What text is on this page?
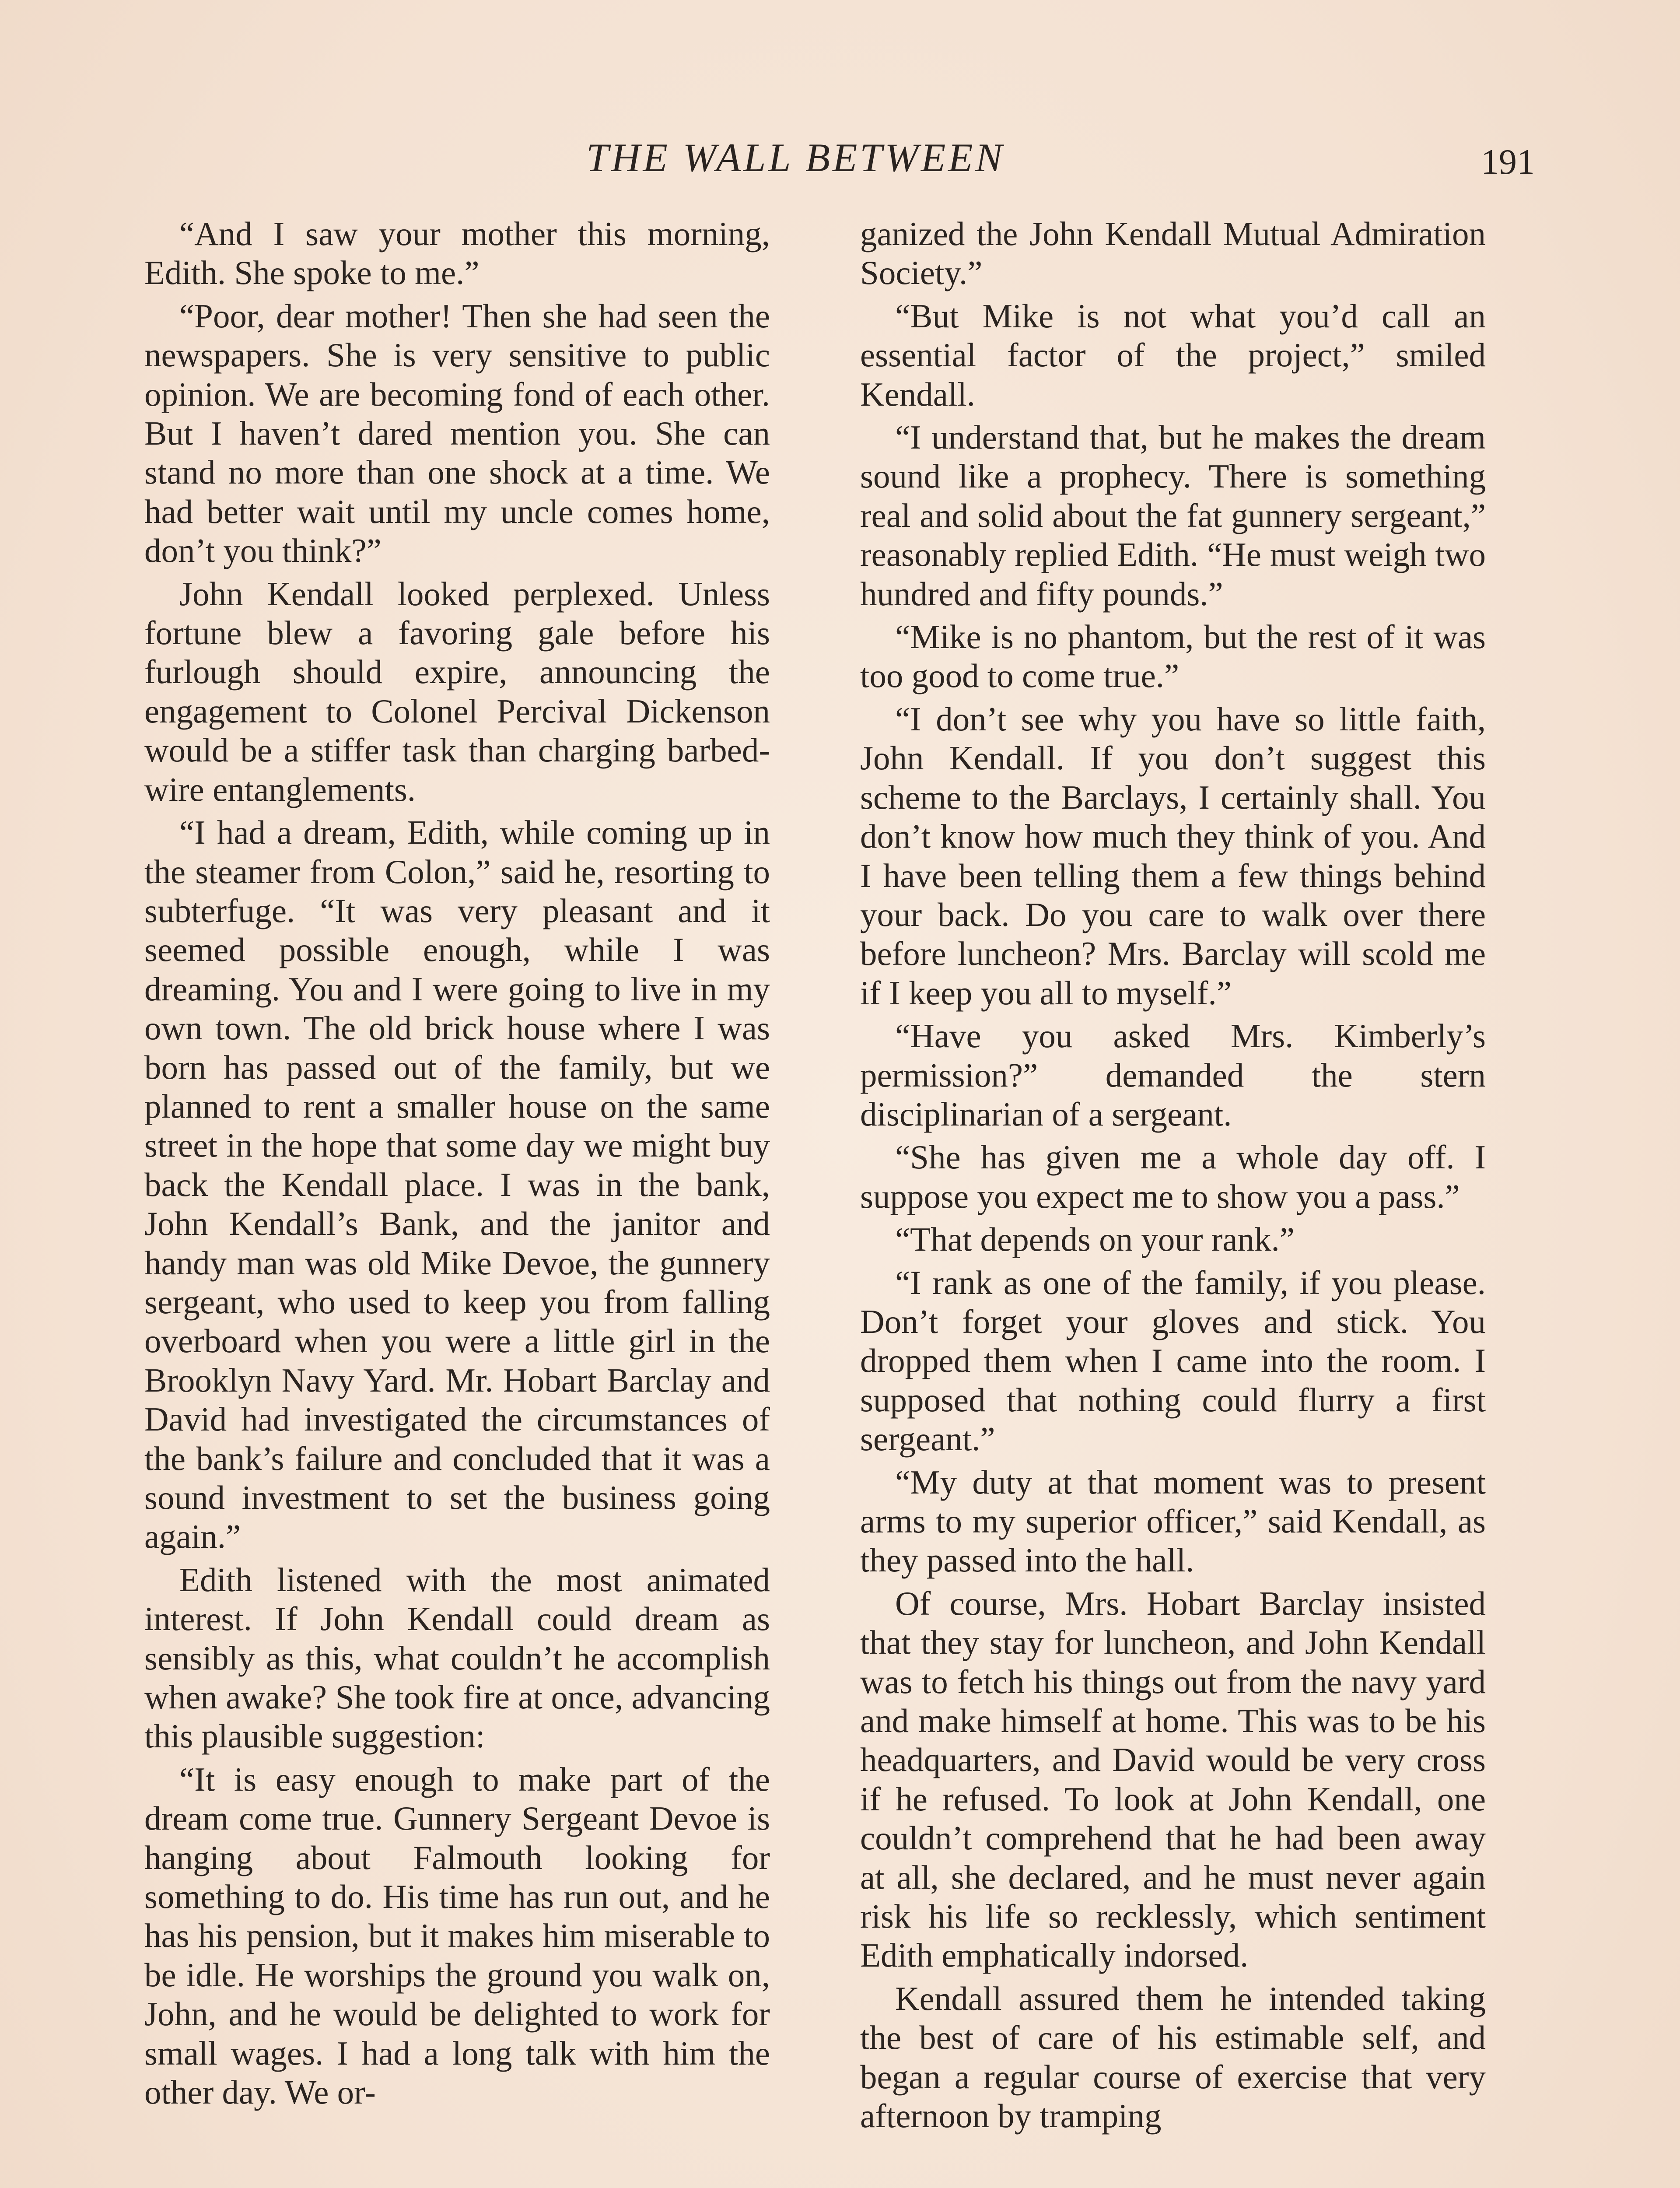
THE WALL BETWEEN	191

“And I saw your mother this morning, Edith. She spoke to me.”

“Poor, dear mother! Then she had seen the newspapers. She is very sensitive to public opinion. We are becoming fond of each other. But I haven’t dared mention you. She can stand no more than one shock at a time. We had better wait until my uncle comes home, don’t you think?”

John Kendall looked perplexed. Unless fortune blew a favoring gale before his furlough should expire, announcing the engagement to Colonel Percival Dickenson would be a stiffer task than charging barbed-wire entanglements.

“I had a dream, Edith, while coming up in the steamer from Colon,” said he, resorting to subterfuge. “It was very pleasant and it seemed possible enough, while I was dreaming. You and I were going to live in my own town. The old brick house where I was born has passed out of the family, but we planned to rent a smaller house on the same street in the hope that some day we might buy back the Kendall place. I was in the bank, John Kendall’s Bank, and the janitor and handy man was old Mike Devoe, the gunnery sergeant, who used to keep you from falling overboard when you were a little girl in the Brooklyn Navy Yard. Mr. Hobart Barclay and David had investigated the circumstances of the bank’s failure and concluded that it was a sound investment to set the business going again.”

Edith listened with the most animated interest. If John Kendall could dream as sensibly as this, what couldn’t he accomplish when awake? She took fire at once, advancing this plausible suggestion:

“It is easy enough to make part of the dream come true. Gunnery Sergeant Devoe is hanging about Falmouth looking for something to do. His time has run out, and he has his pension, but it makes him miserable to be idle. He worships the ground you walk on, John, and he would be delighted to work for small wages. I had a long talk with him the other day. We or-

ganized the John Kendall Mutual Admiration Society.”

“But Mike is not what you’d call an essential factor of the project,” smiled Kendall.

“I understand that, but he makes the dream sound like a prophecy. There is something real and solid about the fat gunnery sergeant,” reasonably replied Edith. “He must weigh two hundred and fifty pounds.”

“Mike is no phantom, but the rest of it was too good to come true.”

“I don’t see why you have so little faith, John Kendall. If you don’t suggest this scheme to the Barclays, I certainly shall. You don’t know how much they think of you. And I have been telling them a few things behind your back. Do you care to walk over there before luncheon? Mrs. Barclay will scold me if I keep you all to myself.”

“Have you asked Mrs. Kimberly’s permission?” demanded the stern disciplinarian of a sergeant.

“She has given me a whole day off. I suppose you expect me to show you a pass.”

“That depends on your rank.”

“I rank as one of the family, if you please. Don’t forget your gloves and stick. You dropped them when I came into the room. I supposed that nothing could flurry a first sergeant.”

“My duty at that moment was to present arms to my superior officer,” said Kendall, as they passed into the hall.

Of course, Mrs. Hobart Barclay insisted that they stay for luncheon, and John Kendall was to fetch his things out from the navy yard and make himself at home. This was to be his headquarters, and David would be very cross if he refused. To look at John Kendall, one couldn’t comprehend that he had been away at all, she declared, and he must never again risk his life so recklessly, which sentiment Edith emphatically indorsed.

Kendall assured them he intended taking the best of care of his estimable self, and began a regular course of exercise that very afternoon by tramping
